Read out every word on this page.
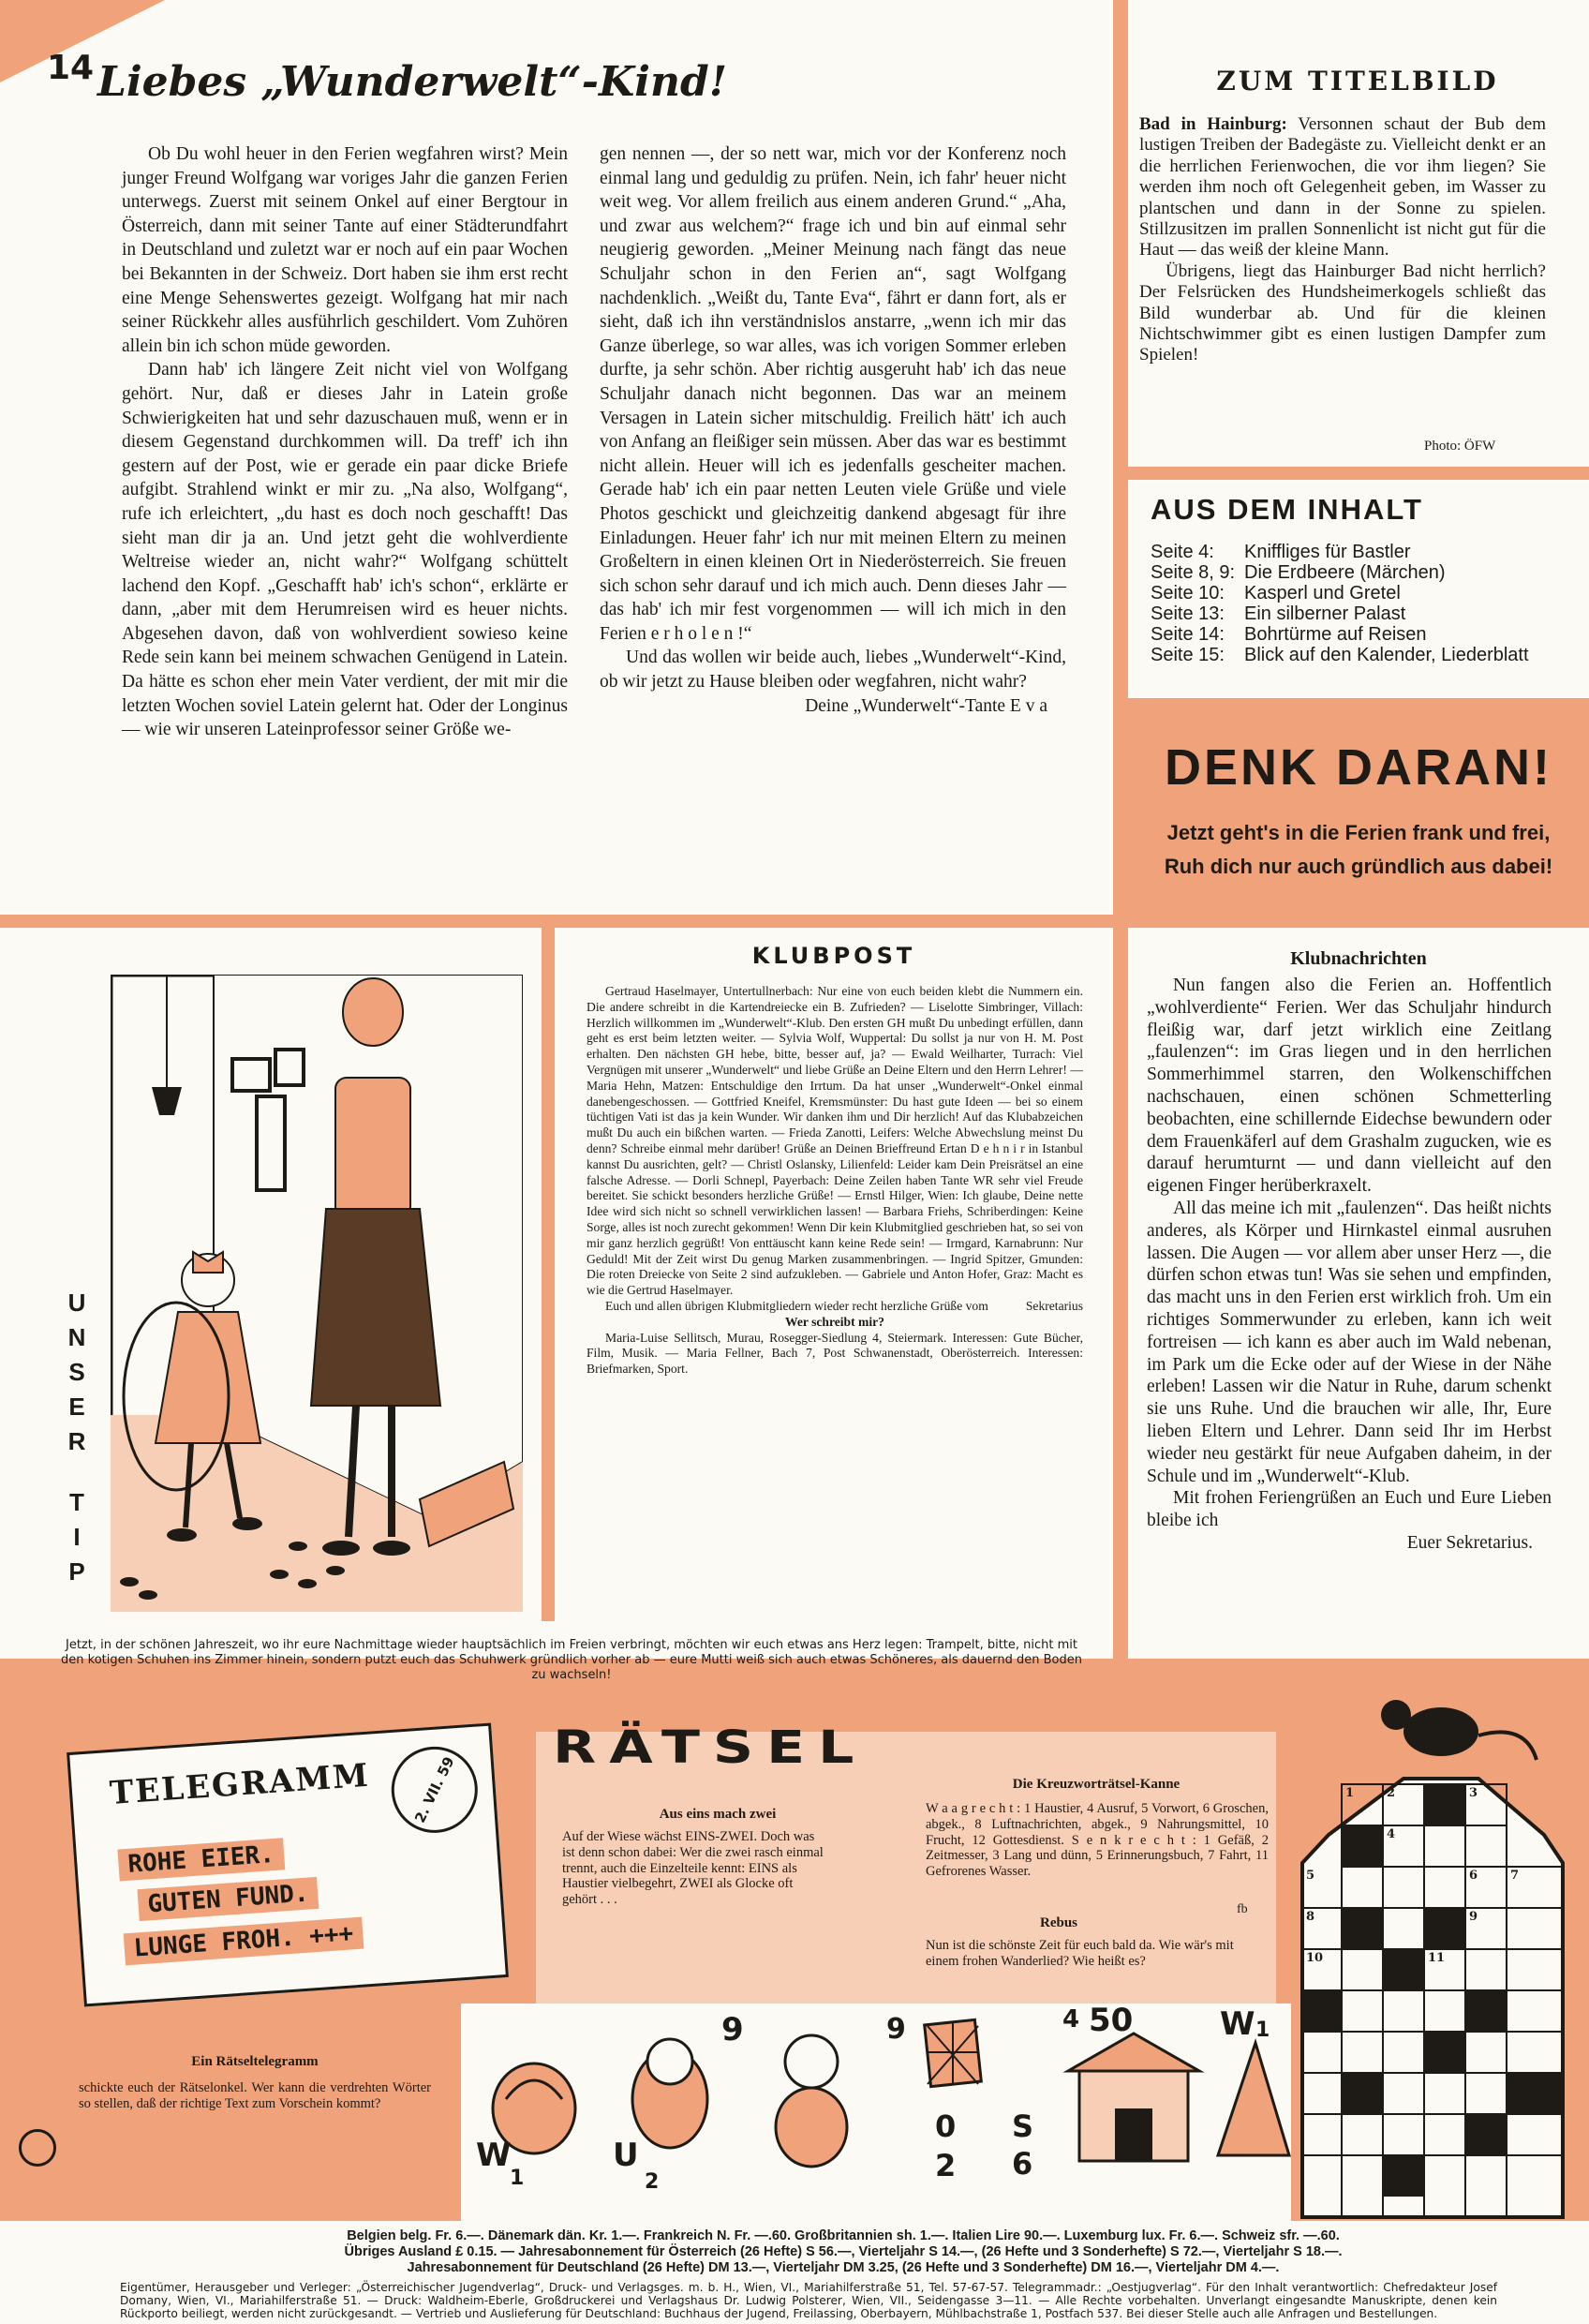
14 Liebes „Wunderwelt“-Kind!

Ob Du wohl heuer in den Ferien wegfahren wirst? Mein junger Freund Wolfgang war voriges Jahr die ganzen Ferien unterwegs. Zuerst mit seinem Onkel auf einer Bergtour in Österreich, dann mit seiner Tante auf einer Städterundfahrt in Deutschland und zuletzt war er noch auf ein paar Wochen bei Bekannten in der Schweiz. Dort haben sie ihm erst recht eine Menge Sehenswertes gezeigt. Wolfgang hat mir nach seiner Rückkehr alles ausführlich geschildert. Vom Zuhören allein bin ich schon müde geworden.

Dann hab' ich längere Zeit nicht viel von Wolfgang gehört. Nur, daß er dieses Jahr in Latein große Schwierigkeiten hat und sehr dazuschauen muß, wenn er in diesem Gegenstand durchkommen will. Da treff' ich ihn gestern auf der Post, wie er gerade ein paar dicke Briefe aufgibt. Strahlend winkt er mir zu. „Na also, Wolfgang“, rufe ich erleichtert, „du hast es doch noch geschafft! Das sieht man dir ja an. Und jetzt geht die wohlverdiente Weltreise wieder an, nicht wahr?“ Wolfgang schüttelt lachend den Kopf. „Geschafft hab' ich's schon“, erklärte er dann, „aber mit dem Herumreisen wird es heuer nichts. Abgesehen davon, daß von wohlverdient sowieso keine Rede sein kann bei meinem schwachen Genügend in Latein. Da hätte es schon eher mein Vater verdient, der mit mir die letzten Wochen soviel Latein gelernt hat. Oder der Longinus — wie wir unseren Lateinprofessor seiner Größe we-

gen nennen —, der so nett war, mich vor der Konferenz noch einmal lang und geduldig zu prüfen. Nein, ich fahr' heuer nicht weit weg. Vor allem freilich aus einem anderen Grund.“ „Aha, und zwar aus welchem?“ frage ich und bin auf einmal sehr neugierig geworden. „Meiner Meinung nach fängt das neue Schuljahr schon in den Ferien an“, sagt Wolfgang nachdenklich. „Weißt du, Tante Eva“, fährt er dann fort, als er sieht, daß ich ihn verständnislos anstarre, „wenn ich mir das Ganze überlege, so war alles, was ich vorigen Sommer erleben durfte, ja sehr schön. Aber richtig ausgeruht hab' ich das neue Schuljahr danach nicht begonnen. Das war an meinem Versagen in Latein sicher mitschuldig. Freilich hätt' ich auch von Anfang an fleißiger sein müssen. Aber das war es bestimmt nicht allein. Heuer will ich es jedenfalls gescheiter machen. Gerade hab' ich ein paar netten Leuten viele Grüße und viele Photos geschickt und gleichzeitig dankend abgesagt für ihre Einladungen. Heuer fahr' ich nur mit meinen Eltern zu meinen Großeltern in einen kleinen Ort in Niederösterreich. Sie freuen sich schon sehr darauf und ich mich auch. Denn dieses Jahr — das hab' ich mir fest vorgenommen — will ich mich in den Ferien e r h o l e n !“

Und das wollen wir beide auch, liebes „Wunderwelt“-Kind, ob wir jetzt zu Hause bleiben oder wegfahren, nicht wahr?

Deine „Wunderwelt“-Tante E v a
ZUM TITELBILD

Bad in Hainburg: Versonnen schaut der Bub dem lustigen Treiben der Badegäste zu. Vielleicht denkt er an die herrlichen Ferienwochen, die vor ihm liegen? Sie werden ihm noch oft Gelegenheit geben, im Wasser zu plantschen und dann in der Sonne zu spielen. Stillzusitzen im prallen Sonnenlicht ist nicht gut für die Haut — das weiß der kleine Mann.

Übrigens, liegt das Hainburger Bad nicht herrlich? Der Felsrücken des Hundsheimerkogels schließt das Bild wunderbar ab. Und für die kleinen Nichtschwimmer gibt es einen lustigen Dampfer zum Spielen!

Photo: ÖFW
AUS DEM INHALT
Seite 4:	Kniffliges für Bastler
Seite 8, 9: Die Erdbeere (Märchen)
Seite 10:	Kasperl und Gretel
Seite 13:	Ein silberner Palast
Seite 14:	Bohrtürme auf Reisen
Seite 15:	Blick auf den Kalender, Liederblatt
DENK DARAN!
Jetzt geht's in die Ferien frank und frei,
Ruh dich nur auch gründlich aus dabei!
U
N
S
E
R
T
I
P
Jetzt, in der schönen Jahreszeit, wo ihr eure Nachmittage wieder hauptsächlich im Freien verbringt, möchten wir euch etwas ans Herz legen: Trampelt, bitte, nicht mit den kotigen Schuhen ins Zimmer hinein, sondern putzt euch das Schuhwerk gründlich vorher ab — eure Mutti weiß sich auch etwas Schöneres, als dauernd den Boden zu wachseln!
KLUBPOST
Gertraud Haselmayer, Untertullnerbach: Nur eine von euch beiden klebt die Nummern ein. Die andere schreibt in die Kartendreiecke ein B. Zufrieden? — Liselotte Simbringer, Villach: Herzlich willkommen im „Wunderwelt“-Klub. Den ersten GH mußt Du unbedingt erfüllen, dann geht es erst beim letzten weiter. — Sylvia Wolf, Wuppertal: Du sollst ja nur von H. M. Post erhalten. Den nächsten GH hebe, bitte, besser auf, ja? — Ewald Weilharter, Turrach: Viel Vergnügen mit unserer „Wunderwelt“ und liebe Grüße an Deine Eltern und den Herrn Lehrer! — Maria Hehn, Matzen: Entschuldige den Irrtum. Da hat unser „Wunderwelt“-Onkel einmal danebengeschossen. — Gottfried Kneifel, Kremsmünster: Du hast gute Ideen — bei so einem tüchtigen Vati ist das ja kein Wunder. Wir danken ihm und Dir herzlich! Auf das Klubabzeichen mußt Du auch ein bißchen warten. — Frieda Zanotti, Leifers: Welche Abwechslung meinst Du denn? Schreibe einmal mehr darüber! Grüße an Deinen Brieffreund Ertan D e h n i r in Istanbul kannst Du ausrichten, gelt? — Christl Oslansky, Lilienfeld: Leider kam Dein Preisrätsel an eine falsche Adresse. — Dorli Schnepl, Payerbach: Deine Zeilen haben Tante WR sehr viel Freude bereitet. Sie schickt besonders herzliche Grüße! — Ernstl Hilger, Wien: Ich glaube, Deine nette Idee wird sich nicht so schnell verwirklichen lassen! — Barbara Friehs, Schriberdingen: Keine Sorge, alles ist noch zurecht gekommen! Wenn Dir kein Klubmitglied geschrieben hat, so sei von mir ganz herzlich gegrüßt! Von enttäuscht kann keine Rede sein! — Irmgard, Karnabrunn: Nur Geduld! Mit der Zeit wirst Du genug Marken zusammenbringen. — Ingrid Spitzer, Gmunden: Die roten Dreiecke von Seite 2 sind aufzukleben. — Gabriele und Anton Hofer, Graz: Macht es wie die Gertrud Haselmayer.
Euch und allen übrigen Klubmitgliedern wieder recht herzliche Grüße vom	Sekretarius
Wer schreibt mir?
Maria-Luise Sellitsch, Murau, Rosegger-Siedlung 4, Steiermark. Interessen: Gute Bücher, Film, Musik. — Maria Fellner, Bach 7, Post Schwanenstadt, Oberösterreich. Interessen: Briefmarken, Sport.
Klubnachrichten

Nun fangen also die Ferien an. Hoffentlich „wohlverdiente“ Ferien. Wer das Schuljahr hindurch fleißig war, darf jetzt wirklich eine Zeitlang „faulenzen“: im Gras liegen und in den herrlichen Sommerhimmel starren, den Wolkenschiffchen nachschauen, einen schönen Schmetterling beobachten, eine schillernde Eidechse bewundern oder dem Frauenkäferl auf dem Grashalm zugucken, wie es darauf herumturnt — und dann vielleicht auf den eigenen Finger herüberkraxelt.

All das meine ich mit „faulenzen“. Das heißt nichts anderes, als Körper und Hirnkastel einmal ausruhen lassen. Die Augen — vor allem aber unser Herz —, die dürfen schon etwas tun! Was sie sehen und empfinden, das macht uns in den Ferien erst wirklich froh. Um ein richtiges Sommerwunder zu erleben, kann ich weit fortreisen — ich kann es aber auch im Wald nebenan, im Park um die Ecke oder auf der Wiese in der Nähe erleben! Lassen wir die Natur in Ruhe, darum schenkt sie uns Ruhe. Und die brauchen wir alle, Ihr, Eure lieben Eltern und Lehrer. Dann seid Ihr im Herbst wieder neu gestärkt für neue Aufgaben daheim, in der Schule und im „Wunderwelt“-Klub.

Mit frohen Feriengrüßen an Euch und Eure Lieben bleibe ich

Euer Sekretarius.
RÄTSEL
TELEGRAMM	2. VII. 59
ROHE EIER.
GUTEN FUND.
LUNGE FROH. +++
Ein Rätseltelegramm
schickte euch der Rätselonkel. Wer kann die verdrehten Wörter so stellen, daß der richtige Text zum Vorschein kommt?
Aus eins mach zwei
Auf der Wiese wächst EINS-ZWEI. Doch was ist denn schon dabei: Wer die zwei rasch einmal trennt, auch die Einzelteile kennt: EINS als Haustier vielbegehrt, ZWEI als Glocke oft gehört . . .
Die Kreuzworträtsel-Kanne
W a a g r e c h t : 1 Haustier, 4 Ausruf, 5 Vorwort, 6 Groschen, abgek., 8 Luftnachrichten, abgek., 9 Nahrungsmittel, 10 Frucht, 12 Gottesdienst. S e n k r e c h t : 1 Gefäß, 2 Zeitmesser, 3 Lang und dünn, 5 Erinnerungsbuch, 7 Fahrt, 11 Gefrorenes Wasser.
fb
Rebus
Nun ist die schönste Zeit für euch bald da. Wie wär's mit einem frohen Wanderlied? Wie heißt es?
W
1
U
2
9	9
0
2
S
6
4 50	W 1
1	2	3
4
5	6	7
8	9
10	11
12
Belgien belg. Fr. 6.—. Dänemark dän. Kr. 1.—. Frankreich N. Fr. —.60. Großbritannien sh. 1.—. Italien Lire 90.—. Luxemburg lux. Fr. 6.—. Schweiz sfr. —.60.
Übriges Ausland £ 0.15. — Jahresabonnement für Österreich (26 Hefte) S 56.—, Vierteljahr S 14.—, (26 Hefte und 3 Sonderhefte) S 72.—, Vierteljahr S 18.—.
Jahresabonnement für Deutschland (26 Hefte) DM 13.—, Vierteljahr DM 3.25, (26 Hefte und 3 Sonderhefte) DM 16.—, Vierteljahr DM 4.—.
Eigentümer, Herausgeber und Verleger: „Österreichischer Jugendverlag“, Druck- und Verlagsges. m. b. H., Wien, VI., Mariahilferstraße 51, Tel. 57-67-57. Telegrammadr.: „Oestjugverlag“. Für den Inhalt verantwortlich: Chefredakteur Josef Domany, Wien, VI., Mariahilferstraße 51. — Druck: Waldheim-Eberle, Großdruckerei und Verlagshaus Dr. Ludwig Polsterer, Wien, VII., Seidengasse 3—11. — Alle Rechte vorbehalten. Unverlangt eingesandte Manuskripte, denen kein Rückporto beiliegt, werden nicht zurückgesandt. — Vertrieb und Auslieferung für Deutschland: Buchhaus der Jugend, Freilassing, Oberbayern, Mühlbachstraße 1, Postfach 537. Bei dieser Stelle auch alle Anfragen und Bestellungen.
